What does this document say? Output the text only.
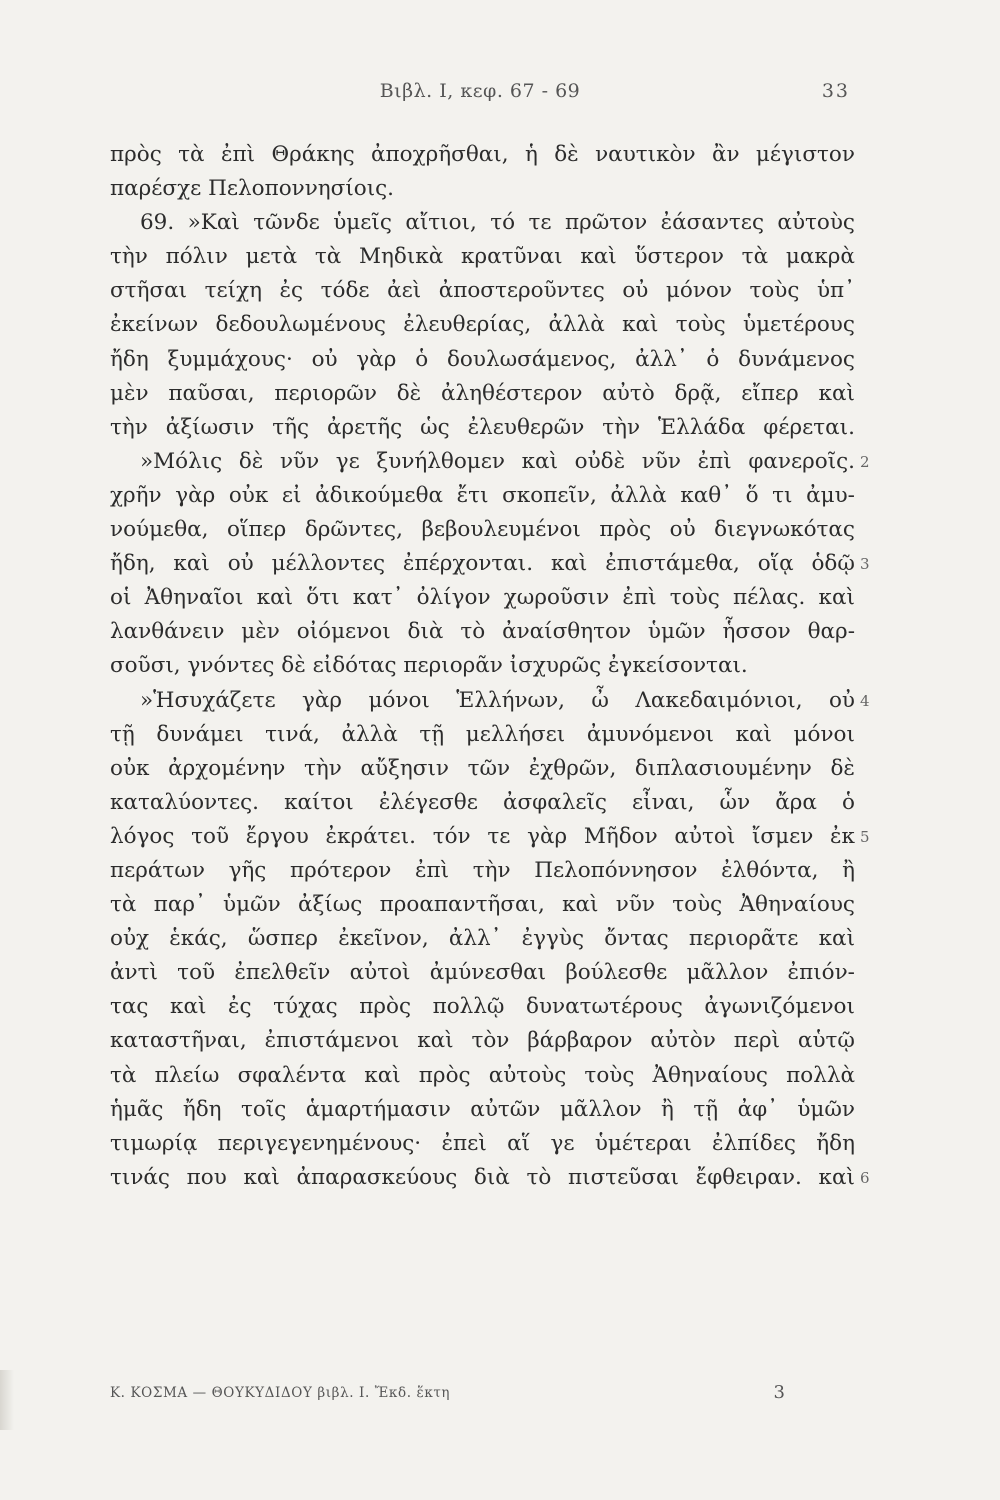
Βιβλ. I, κεφ. 67 - 69	33
πρὸς τὰ ἐπὶ Θράκης ἀποχρῆσθαι, ἡ δὲ ναυτικὸν ἂν μέγιστον
παρέσχε Πελοποννησίοις.
69. »Καὶ τῶνδε ὑμεῖς αἴτιοι, τό τε πρῶτον ἐάσαντες αὐτοὺς
τὴν πόλιν μετὰ τὰ Μηδικὰ κρατῦναι καὶ ὕστερον τὰ μακρὰ
στῆσαι τείχη ἐς τόδε ἀεὶ ἀποστεροῦντες οὐ μόνον τοὺς ὑπ᾽
ἐκείνων δεδουλωμένους ἐλευθερίας, ἀλλὰ καὶ τοὺς ὑμετέρους
ἤδη ξυμμάχους· οὐ γὰρ ὁ δουλωσάμενος, ἀλλ᾽ ὁ δυνάμενος
μὲν παῦσαι, περιορῶν δὲ ἀληθέστερον αὐτὸ δρᾷ, εἴπερ καὶ
τὴν ἀξίωσιν τῆς ἀρετῆς ὡς ἐλευθερῶν τὴν Ἑλλάδα φέρεται.
»Μόλις δὲ νῦν γε ξυνήλθομεν καὶ οὐδὲ νῦν ἐπὶ φανεροῖς. 2
χρῆν γὰρ οὐκ εἰ ἀδικούμεθα ἔτι σκοπεῖν, ἀλλὰ καθ᾽ ὅ τι ἀμυ-
νούμεθα, οἵπερ δρῶντες, βεβουλευμένοι πρὸς οὐ διεγνωκότας
ἤδη, καὶ οὐ μέλλοντες ἐπέρχονται. καὶ ἐπιστάμεθα, οἵᾳ ὁδῷ 3
οἱ Ἀθηναῖοι καὶ ὅτι κατ᾽ ὀλίγον χωροῦσιν ἐπὶ τοὺς πέλας. καὶ
λανθάνειν μὲν οἰόμενοι διὰ τὸ ἀναίσθητον ὑμῶν ἧσσον θαρ-
σοῦσι, γνόντες δὲ εἰδότας περιορᾶν ἰσχυρῶς ἐγκείσονται.
»Ἡσυχάζετε γὰρ μόνοι Ἑλλήνων, ὦ Λακεδαιμόνιοι, οὐ 4
τῇ δυνάμει τινά, ἀλλὰ τῇ μελλήσει ἀμυνόμενοι καὶ μόνοι
οὐκ ἀρχομένην τὴν αὔξησιν τῶν ἐχθρῶν, διπλασιουμένην δὲ
καταλύοντες. καίτοι ἐλέγεσθε ἀσφαλεῖς εἶναι, ὧν ἄρα ὁ
λόγος τοῦ ἔργου ἐκράτει. τόν τε γὰρ Μῆδον αὐτοὶ ἴσμεν ἐκ 5
περάτων γῆς πρότερον ἐπὶ τὴν Πελοπόννησον ἐλθόντα, ἢ
τὰ παρ᾽ ὑμῶν ἀξίως προαπαντῆσαι, καὶ νῦν τοὺς Ἀθηναίους
οὐχ ἑκάς, ὥσπερ ἐκεῖνον, ἀλλ᾽ ἐγγὺς ὄντας περιορᾶτε καὶ
ἀντὶ τοῦ ἐπελθεῖν αὐτοὶ ἀμύνεσθαι βούλεσθε μᾶλλον ἐπιόν-
τας καὶ ἐς τύχας πρὸς πολλῷ δυνατωτέρους ἀγωνιζόμενοι
καταστῆναι, ἐπιστάμενοι καὶ τὸν βάρβαρον αὐτὸν περὶ αὑτῷ
τὰ πλείω σφαλέντα καὶ πρὸς αὐτοὺς τοὺς Ἀθηναίους πολλὰ
ἡμᾶς ἤδη τοῖς ἁμαρτήμασιν αὐτῶν μᾶλλον ἢ τῇ ἀφ᾽ ὑμῶν
τιμωρίᾳ περιγεγενημένους· ἐπεὶ αἵ γε ὑμέτεραι ἐλπίδες ἤδη
τινάς που καὶ ἀπαρασκεύους διὰ τὸ πιστεῦσαι ἔφθειραν. καὶ 6
Κ. ΚΟΣΜΑ — ΘΟΥΚΥΔΙΔΟΥ βιβλ. I. Ἔκδ. ἕκτη	3
